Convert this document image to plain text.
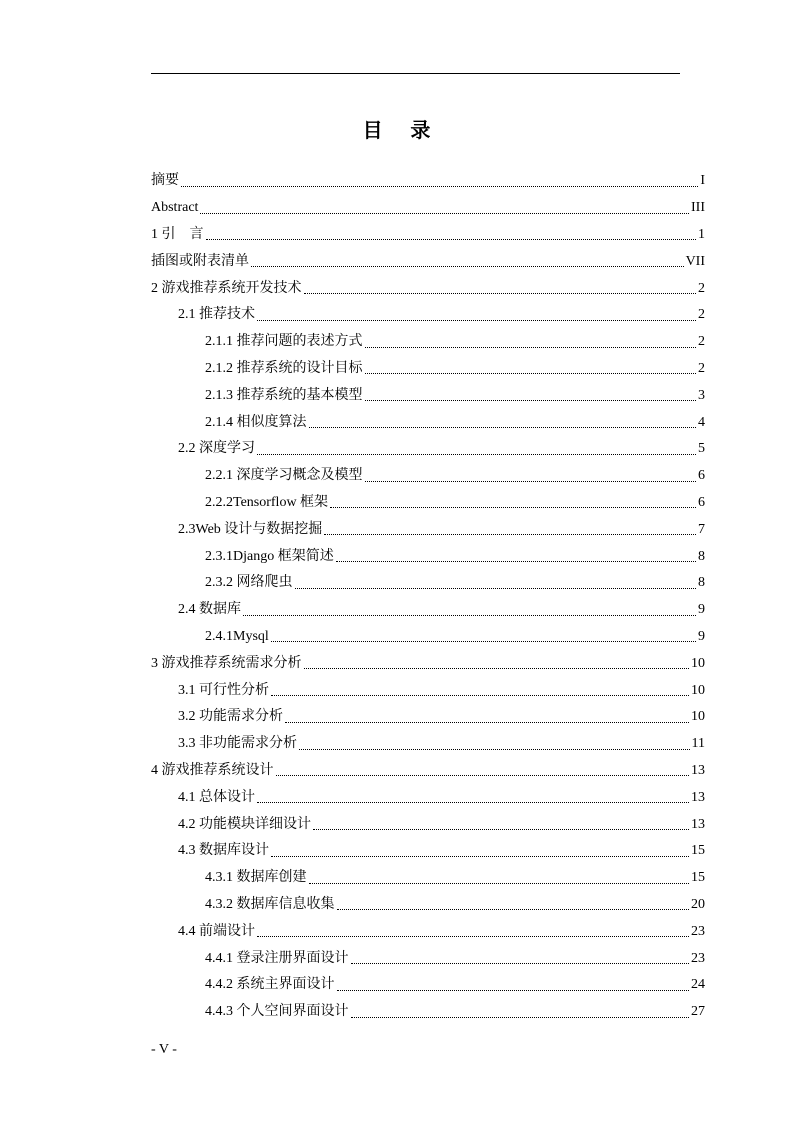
目    录
摘要	I
Abstract	III
1 引    言	1
插图或附表清单	VII
2 游戏推荐系统开发技术	2
2.1 推荐技术	2
2.1.1 推荐问题的表述方式	2
2.1.2 推荐系统的设计目标	2
2.1.3 推荐系统的基本模型	3
2.1.4 相似度算法	4
2.2 深度学习	5
2.2.1 深度学习概念及模型	6
2.2.2Tensorflow 框架	6
2.3Web 设计与数据挖掘	7
2.3.1Django 框架简述	8
2.3.2 网络爬虫	8
2.4 数据库	9
2.4.1Mysql	9
3 游戏推荐系统需求分析	10
3.1 可行性分析	10
3.2 功能需求分析	10
3.3 非功能需求分析	11
4 游戏推荐系统设计	13
4.1 总体设计	13
4.2 功能模块详细设计	13
4.3 数据库设计	15
4.3.1 数据库创建	15
4.3.2 数据库信息收集	20
4.4 前端设计	23
4.4.1 登录注册界面设计	23
4.4.2 系统主界面设计	24
4.4.3 个人空间界面设计	27
- V -
